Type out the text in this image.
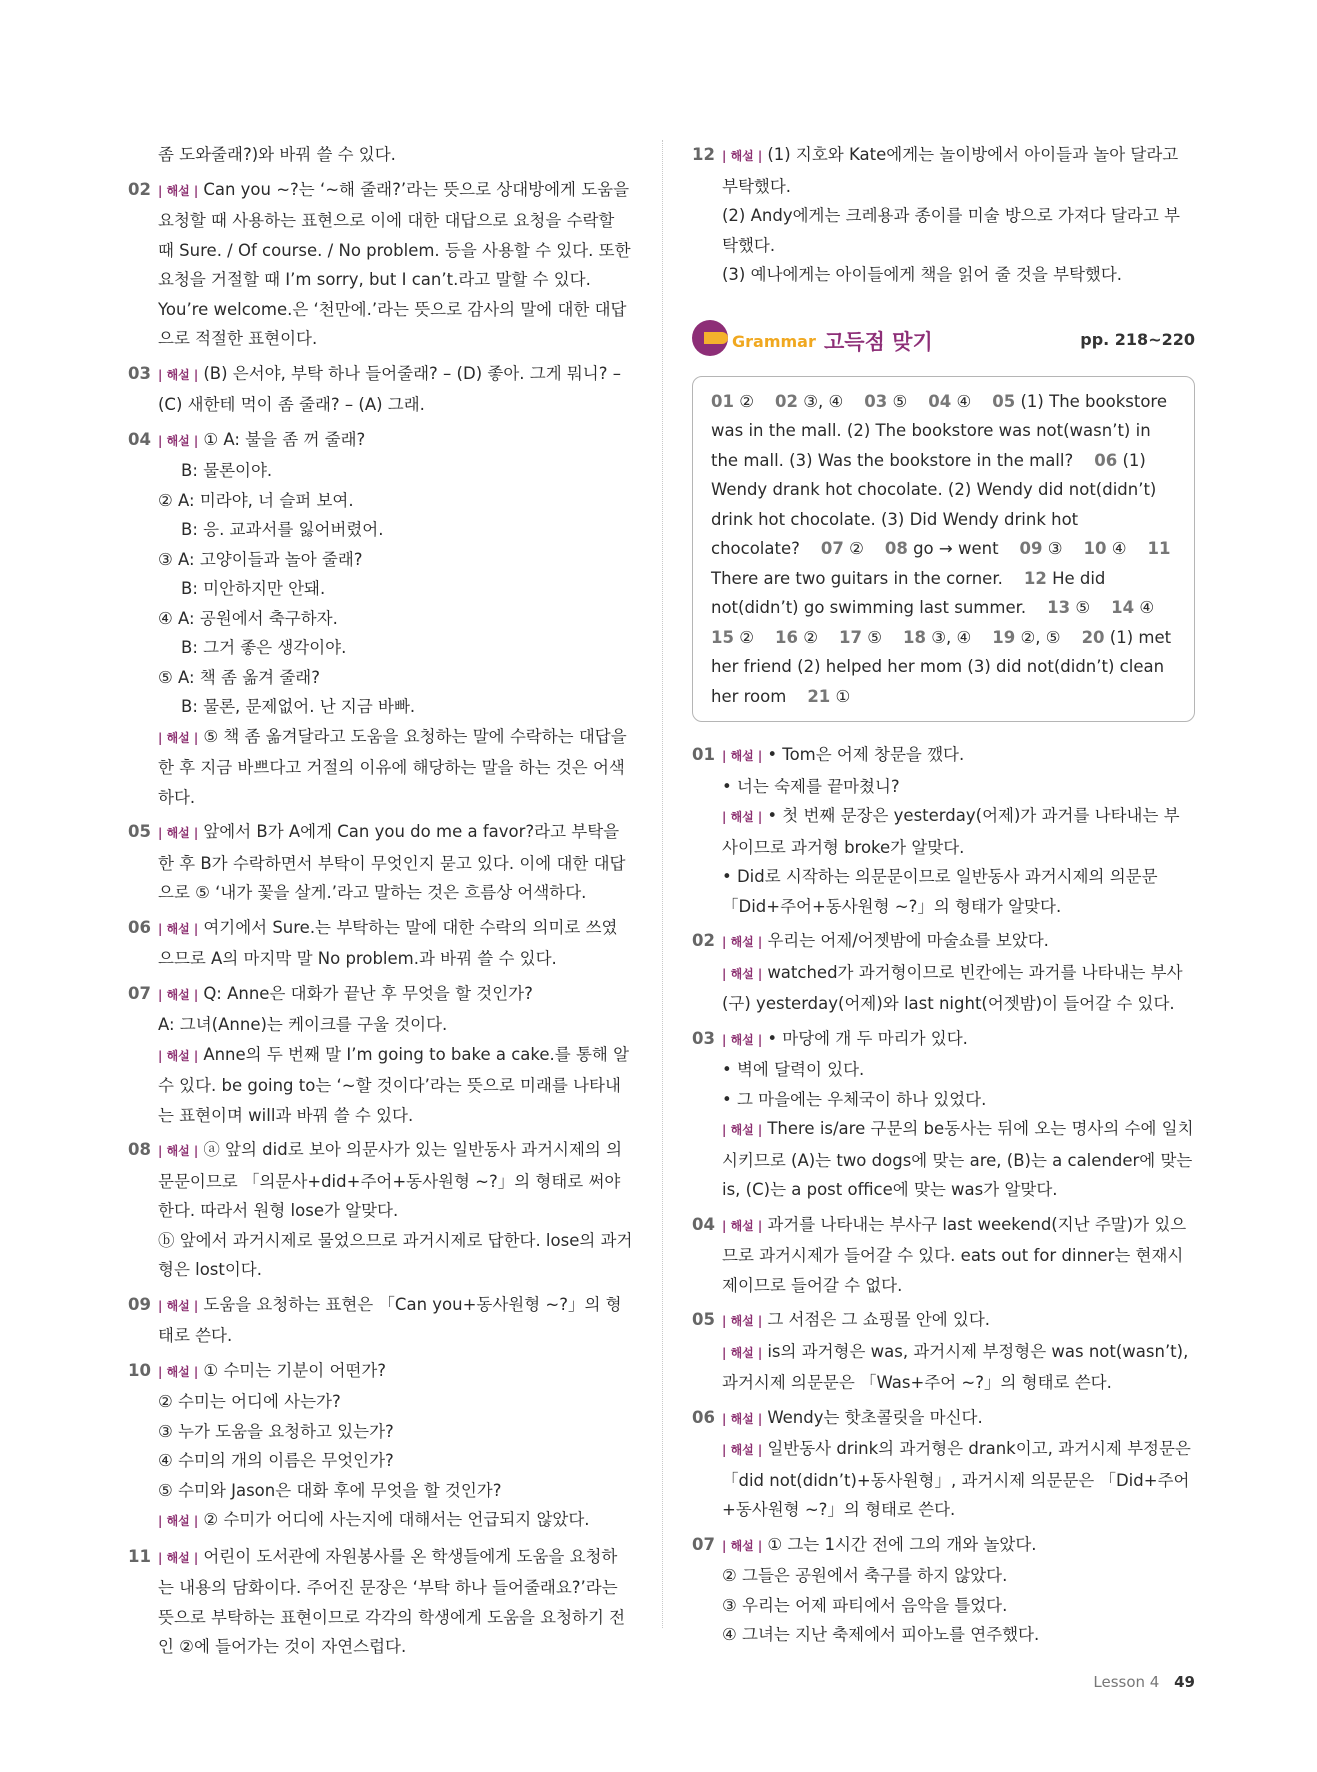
좀 도와줄래?)와 바꿔 쓸 수 있다.
02	| 해설 | Can you ~?는 ‘~해 줄래?’라는 뜻으로 상대방에게 도움을 요청할 때 사용하는 표현으로 이에 대한 대답으로 요청을 수락할 때 Sure. / Of course. / No problem. 등을 사용할 수 있다. 또한 요청을 거절할 때 I’m sorry, but I can’t.라고 말할 수 있다. You’re welcome.은 ‘천만에.’라는 뜻으로 감사의 말에 대한 대답으로 적절한 표현이다.
03	| 해설 | (B) 은서야, 부탁 하나 들어줄래? – (D) 좋아. 그게 뭐니? – (C) 새한테 먹이 좀 줄래? – (A) 그래.
04	| 해설 | ① A: 불을 좀 꺼 줄래?
B: 물론이야.
② A: 미라야, 너 슬퍼 보여.
B: 응. 교과서를 잃어버렸어.
③ A: 고양이들과 놀아 줄래?
B: 미안하지만 안돼.
④ A: 공원에서 축구하자.
B: 그거 좋은 생각이야.
⑤ A: 책 좀 옮겨 줄래?
B: 물론, 문제없어. 난 지금 바빠.
| 해설 | ⑤ 책 좀 옮겨달라고 도움을 요청하는 말에 수락하는 대답을 한 후 지금 바쁘다고 거절의 이유에 해당하는 말을 하는 것은 어색하다.
05	| 해설 | 앞에서 B가 A에게 Can you do me a favor?라고 부탁을 한 후 B가 수락하면서 부탁이 무엇인지 묻고 있다. 이에 대한 대답으로 ⑤ ‘내가 꽃을 살게.’라고 말하는 것은 흐름상 어색하다.
06	| 해설 | 여기에서 Sure.는 부탁하는 말에 대한 수락의 의미로 쓰였으므로 A의 마지막 말 No problem.과 바꿔 쓸 수 있다.
07	| 해설 | Q: Anne은 대화가 끝난 후 무엇을 할 것인가?
A: 그녀(Anne)는 케이크를 구울 것이다.
| 해설 | Anne의 두 번째 말 I’m going to bake a cake.를 통해 알 수 있다. be going to는 ‘~할 것이다’라는 뜻으로 미래를 나타내는 표현이며 will과 바꿔 쓸 수 있다.
08	| 해설 | ⓐ 앞의 did로 보아 의문사가 있는 일반동사 과거시제의 의문문이므로 「의문사+did+주어+동사원형 ~?」의 형태로 써야 한다. 따라서 원형 lose가 알맞다.
ⓑ 앞에서 과거시제로 물었으므로 과거시제로 답한다. lose의 과거형은 lost이다.
09	| 해설 | 도움을 요청하는 표현은 「Can you+동사원형 ~?」의 형태로 쓴다.
10	| 해설 | ① 수미는 기분이 어떤가?
② 수미는 어디에 사는가?
③ 누가 도움을 요청하고 있는가?
④ 수미의 개의 이름은 무엇인가?
⑤ 수미와 Jason은 대화 후에 무엇을 할 것인가?
| 해설 | ② 수미가 어디에 사는지에 대해서는 언급되지 않았다.
11	| 해설 | 어린이 도서관에 자원봉사를 온 학생들에게 도움을 요청하는 내용의 담화이다. 주어진 문장은 ‘부탁 하나 들어줄래요?’라는 뜻으로 부탁하는 표현이므로 각각의 학생에게 도움을 요청하기 전인 ②에 들어가는 것이 자연스럽다.
12	| 해설 | (1) 지호와 Kate에게는 놀이방에서 아이들과 놀아 달라고 부탁했다.
(2) Andy에게는 크레용과 종이를 미술 방으로 가져다 달라고 부탁했다.
(3) 예나에게는 아이들에게 책을 읽어 줄 것을 부탁했다.
Grammar 고득점 맞기	pp. 218~220
01 ② 02 ③, ④ 03 ⑤ 04 ④ 05 (1) The bookstore was in the mall. (2) The bookstore was not(wasn’t) in the mall. (3) Was the bookstore in the mall? 06 (1) Wendy drank hot chocolate. (2) Wendy did not(didn’t) drink hot chocolate. (3) Did Wendy drink hot chocolate? 07 ② 08 go → went 09 ③ 10 ④ 11 There are two guitars in the corner. 12 He did not(didn’t) go swimming last summer. 13 ⑤ 14 ④    15 ② 16 ② 17 ⑤ 18 ③, ④ 19 ②, ⑤ 20 (1) met her friend (2) helped her mom (3) did not(didn’t) clean her room 21 ①
01	| 해설 | • Tom은 어제 창문을 깼다.
• 너는 숙제를 끝마쳤니?
| 해설 | • 첫 번째 문장은 yesterday(어제)가 과거를 나타내는 부사이므로 과거형 broke가 알맞다.
• Did로 시작하는 의문문이므로 일반동사 과거시제의 의문문 「Did+주어+동사원형 ~?」의 형태가 알맞다.
02	| 해설 | 우리는 어제/어젯밤에 마술쇼를 보았다.
| 해설 | watched가 과거형이므로 빈칸에는 과거를 나타내는 부사(구) yesterday(어제)와 last night(어젯밤)이 들어갈 수 있다.
03	| 해설 | • 마당에 개 두 마리가 있다.
• 벽에 달력이 있다.
• 그 마을에는 우체국이 하나 있었다.
| 해설 | There is/are 구문의 be동사는 뒤에 오는 명사의 수에 일치시키므로 (A)는 two dogs에 맞는 are, (B)는 a calender에 맞는 is, (C)는 a post office에 맞는 was가 알맞다.
04	| 해설 | 과거를 나타내는 부사구 last weekend(지난 주말)가 있으므로 과거시제가 들어갈 수 있다. eats out for dinner는 현재시제이므로 들어갈 수 없다.
05	| 해설 | 그 서점은 그 쇼핑몰 안에 있다.
| 해설 | is의 과거형은 was, 과거시제 부정형은 was not(wasn’t), 과거시제 의문문은 「Was+주어 ~?」의 형태로 쓴다.
06	| 해설 | Wendy는 핫초콜릿을 마신다.
| 해설 | 일반동사 drink의 과거형은 drank이고, 과거시제 부정문은 「did not(didn’t)+동사원형」, 과거시제 의문문은 「Did+주어+동사원형 ~?」의 형태로 쓴다.
07	| 해설 | ① 그는 1시간 전에 그의 개와 놀았다.
② 그들은 공원에서 축구를 하지 않았다.
③ 우리는 어제 파티에서 음악을 틀었다.
④ 그녀는 지난 축제에서 피아노를 연주했다.
Lesson 4 49
